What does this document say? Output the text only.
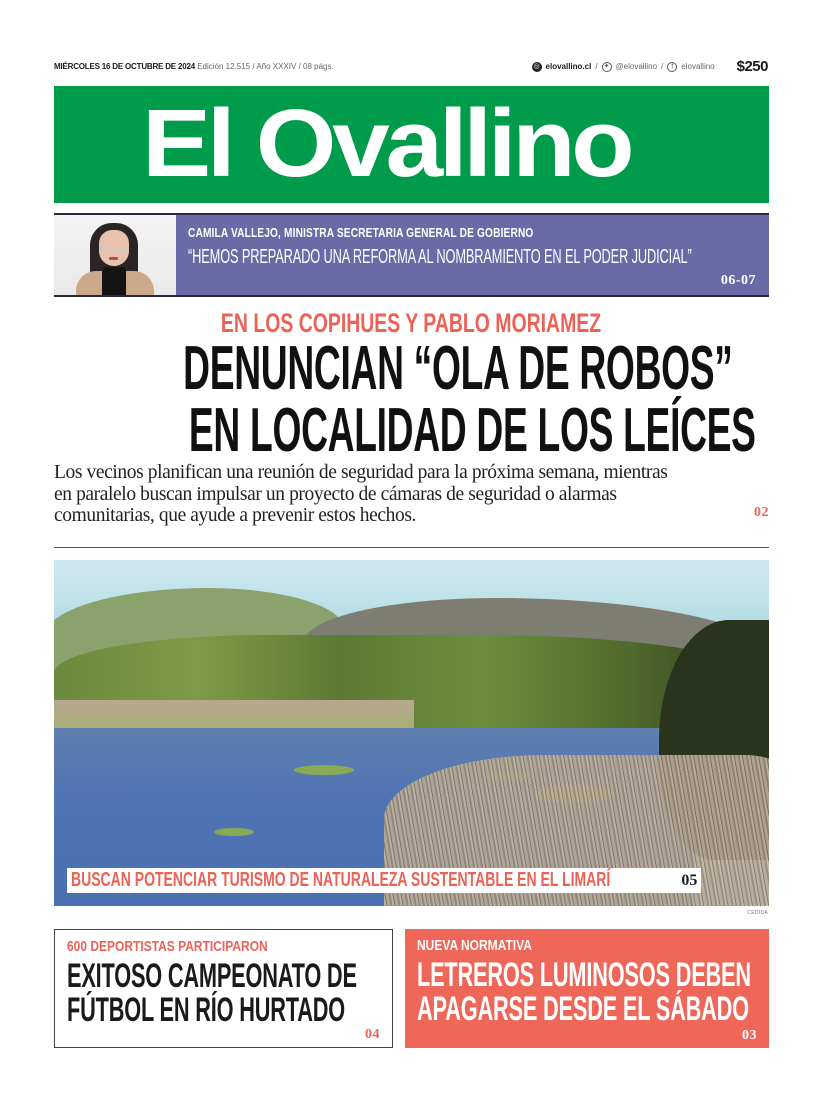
MIÉRCOLES 16 DE OCTUBRE DE 2024 Edición 12.515 / Año XXXIV / 08 págs.	◎ elovallino.cl / ✦ @elovallino /	f	elovallino $250
El Ovallino
CAMILA VALLEJO, MINISTRA SECRETARIA GENERAL DE GOBIERNO
“HEMOS PREPARADO UNA REFORMA AL NOMBRAMIENTO EN EL PODER JUDICIAL”
06-07
EN LOS COPIHUES Y PABLO MORIAMEZ
DENUNCIAN “OLA DE ROBOS”
EN LOCALIDAD DE LOS LEÍCES
Los vecinos planifican una reunión de seguridad para la próxima semana, mientras
en paralelo buscan impulsar un proyecto de cámaras de seguridad o alarmas
comunitarias, que ayude a prevenir estos hechos.	02
BUSCAN POTENCIAR TURISMO DE NATURALEZA SUSTENTABLE EN EL LIMARÍ	05
CEDIDA
600 DEPORTISTAS PARTICIPARON
EXITOSO CAMPEONATO DE
FÚTBOL EN RÍO HURTADO
04
NUEVA NORMATIVA
LETREROS LUMINOSOS DEBEN
APAGARSE DESDE EL SÁBADO
03
